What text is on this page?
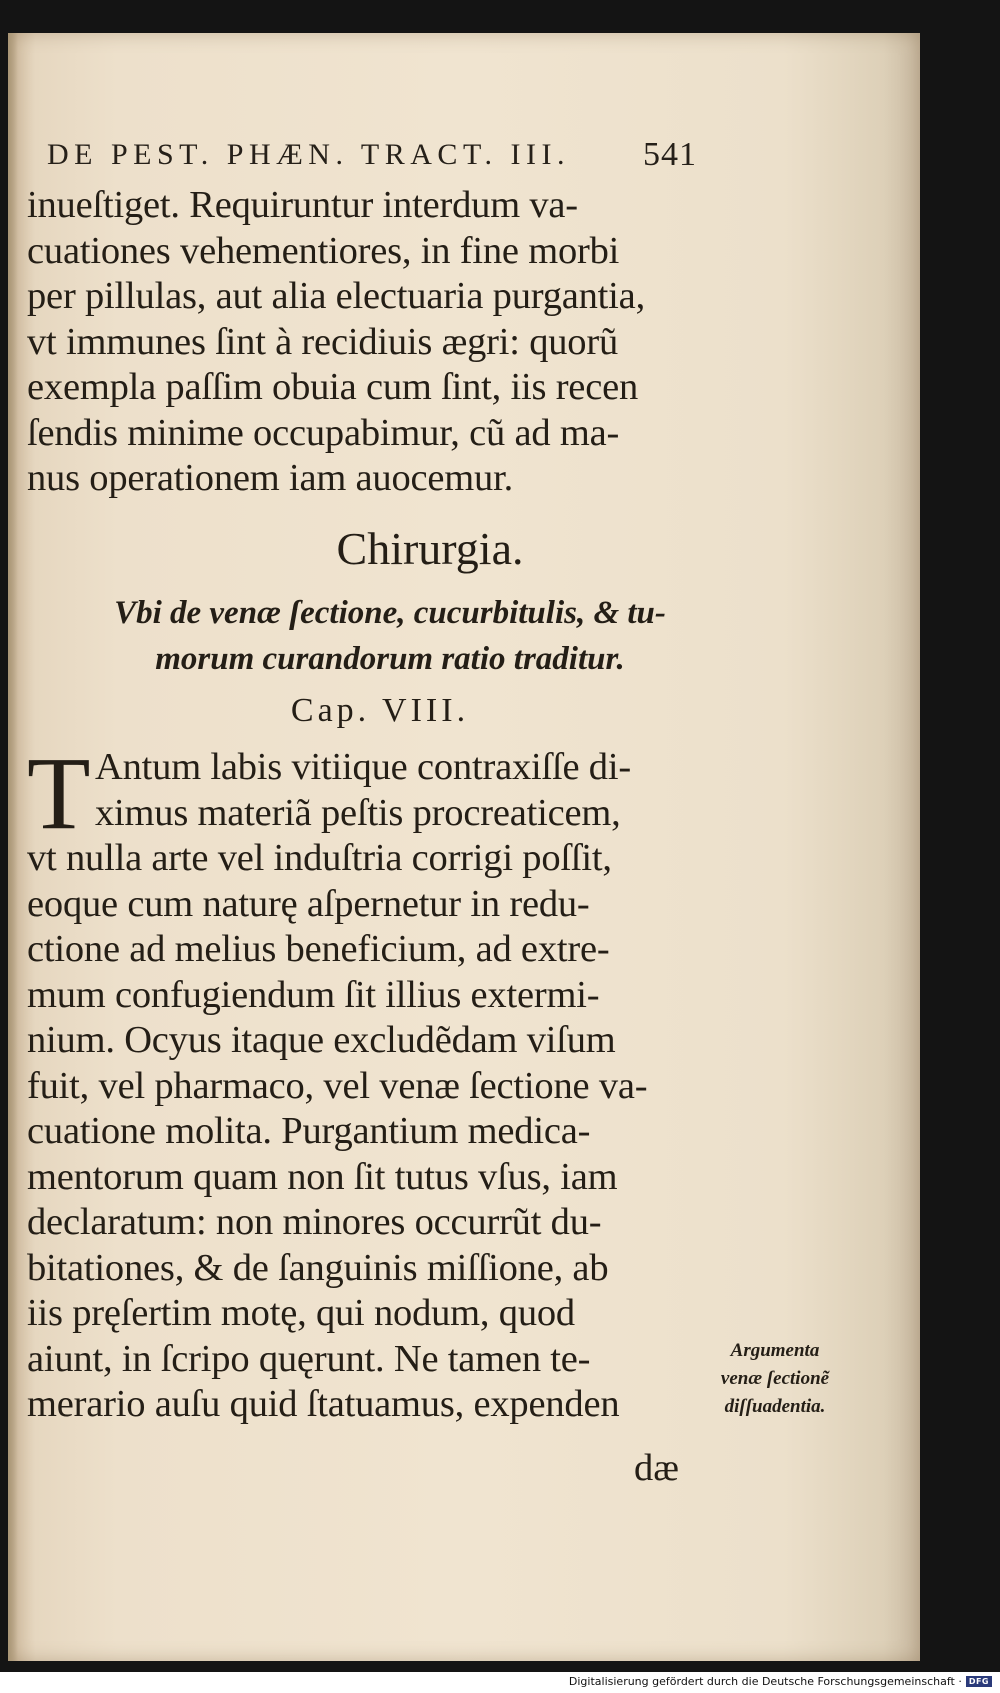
DE PEST. PHÆN. TRACT. III. 541
inueſtiget. Requiruntur interdum va-
cuationes vehementiores, in fine morbi
per pillulas, aut alia electuaria purgantia,
vt immunes ſint à recidiuis ægri: quorũ
exempla paſſim obuia cum ſint, iis recen
ſendis minime occupabimur, cũ ad ma-
nus operationem iam auocemur.
Chirurgia.
Vbi de venæ ſectione, cucurbitulis, & tu-
morum curandorum ratio traditur.
Cap. VIII.
T Antum labis vitiique contraxiſſe di-
ximus materiã peſtis procreaticem,
vt nulla arte vel induſtria corrigi poſſit,
eoque cum naturę aſpernetur in redu-
ctione ad melius beneficium, ad extre-
mum confugiendum ſit illius extermi-
nium. Ocyus itaque excludẽdam viſum
fuit, vel pharmaco, vel venæ ſectione va-
cuatione molita. Purgantium medica-
mentorum quam non ſit tutus vſus, iam
declaratum: non minores occurrũt du-
bitationes, & de ſanguinis miſſione, ab
iis pręſertim motę, qui nodum, quod
aiunt, in ſcripo quęrunt. Ne tamen te-
merario auſu quid ſtatuamus, expenden
dæ
Argumenta
venæ ſectionẽ
diſſuadentia.
Digitalisierung gefördert durch die Deutsche Forschungsgemeinschaft · DFG
